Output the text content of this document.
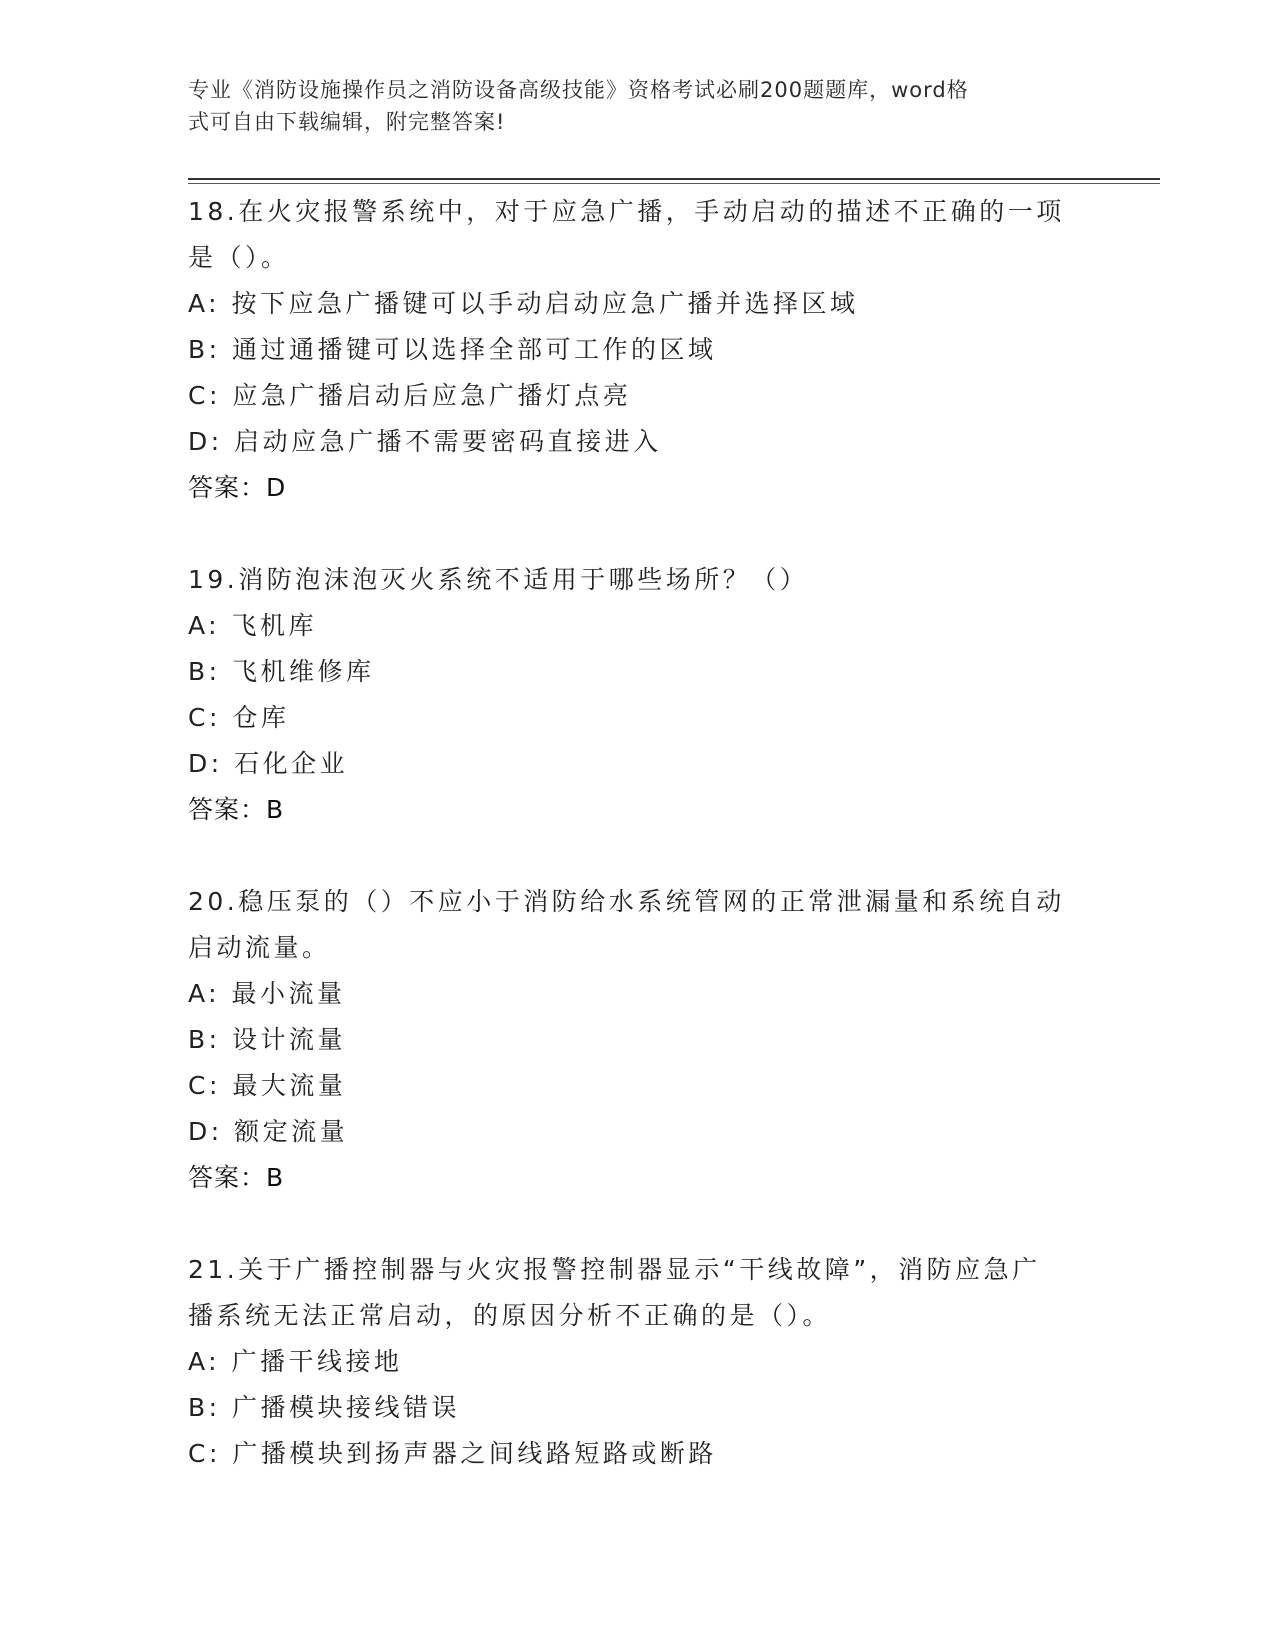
专业《消防设施操作员之消防设备高级技能》资格考试必刷200题题库，word格
式可自由下载编辑，附完整答案!
18.在火灾报警系统中，对于应急广播，手动启动的描述不正确的一项
是（）。
A: 按下应急广播键可以手动启动应急广播并选择区域
B: 通过通播键可以选择全部可工作的区域
C: 应急广播启动后应急广播灯点亮
D: 启动应急广播不需要密码直接进入
答案：D
19.消防泡沫泡灭火系统不适用于哪些场所？（）
A: 飞机库
B: 飞机维修库
C: 仓库
D: 石化企业
答案：B
20.稳压泵的（）不应小于消防给水系统管网的正常泄漏量和系统自动
启动流量。
A: 最小流量
B: 设计流量
C: 最大流量
D: 额定流量
答案：B
21.关于广播控制器与火灾报警控制器显示“干线故障”，消防应急广
播系统无法正常启动，的原因分析不正确的是（）。
A: 广播干线接地
B: 广播模块接线错误
C: 广播模块到扬声器之间线路短路或断路
